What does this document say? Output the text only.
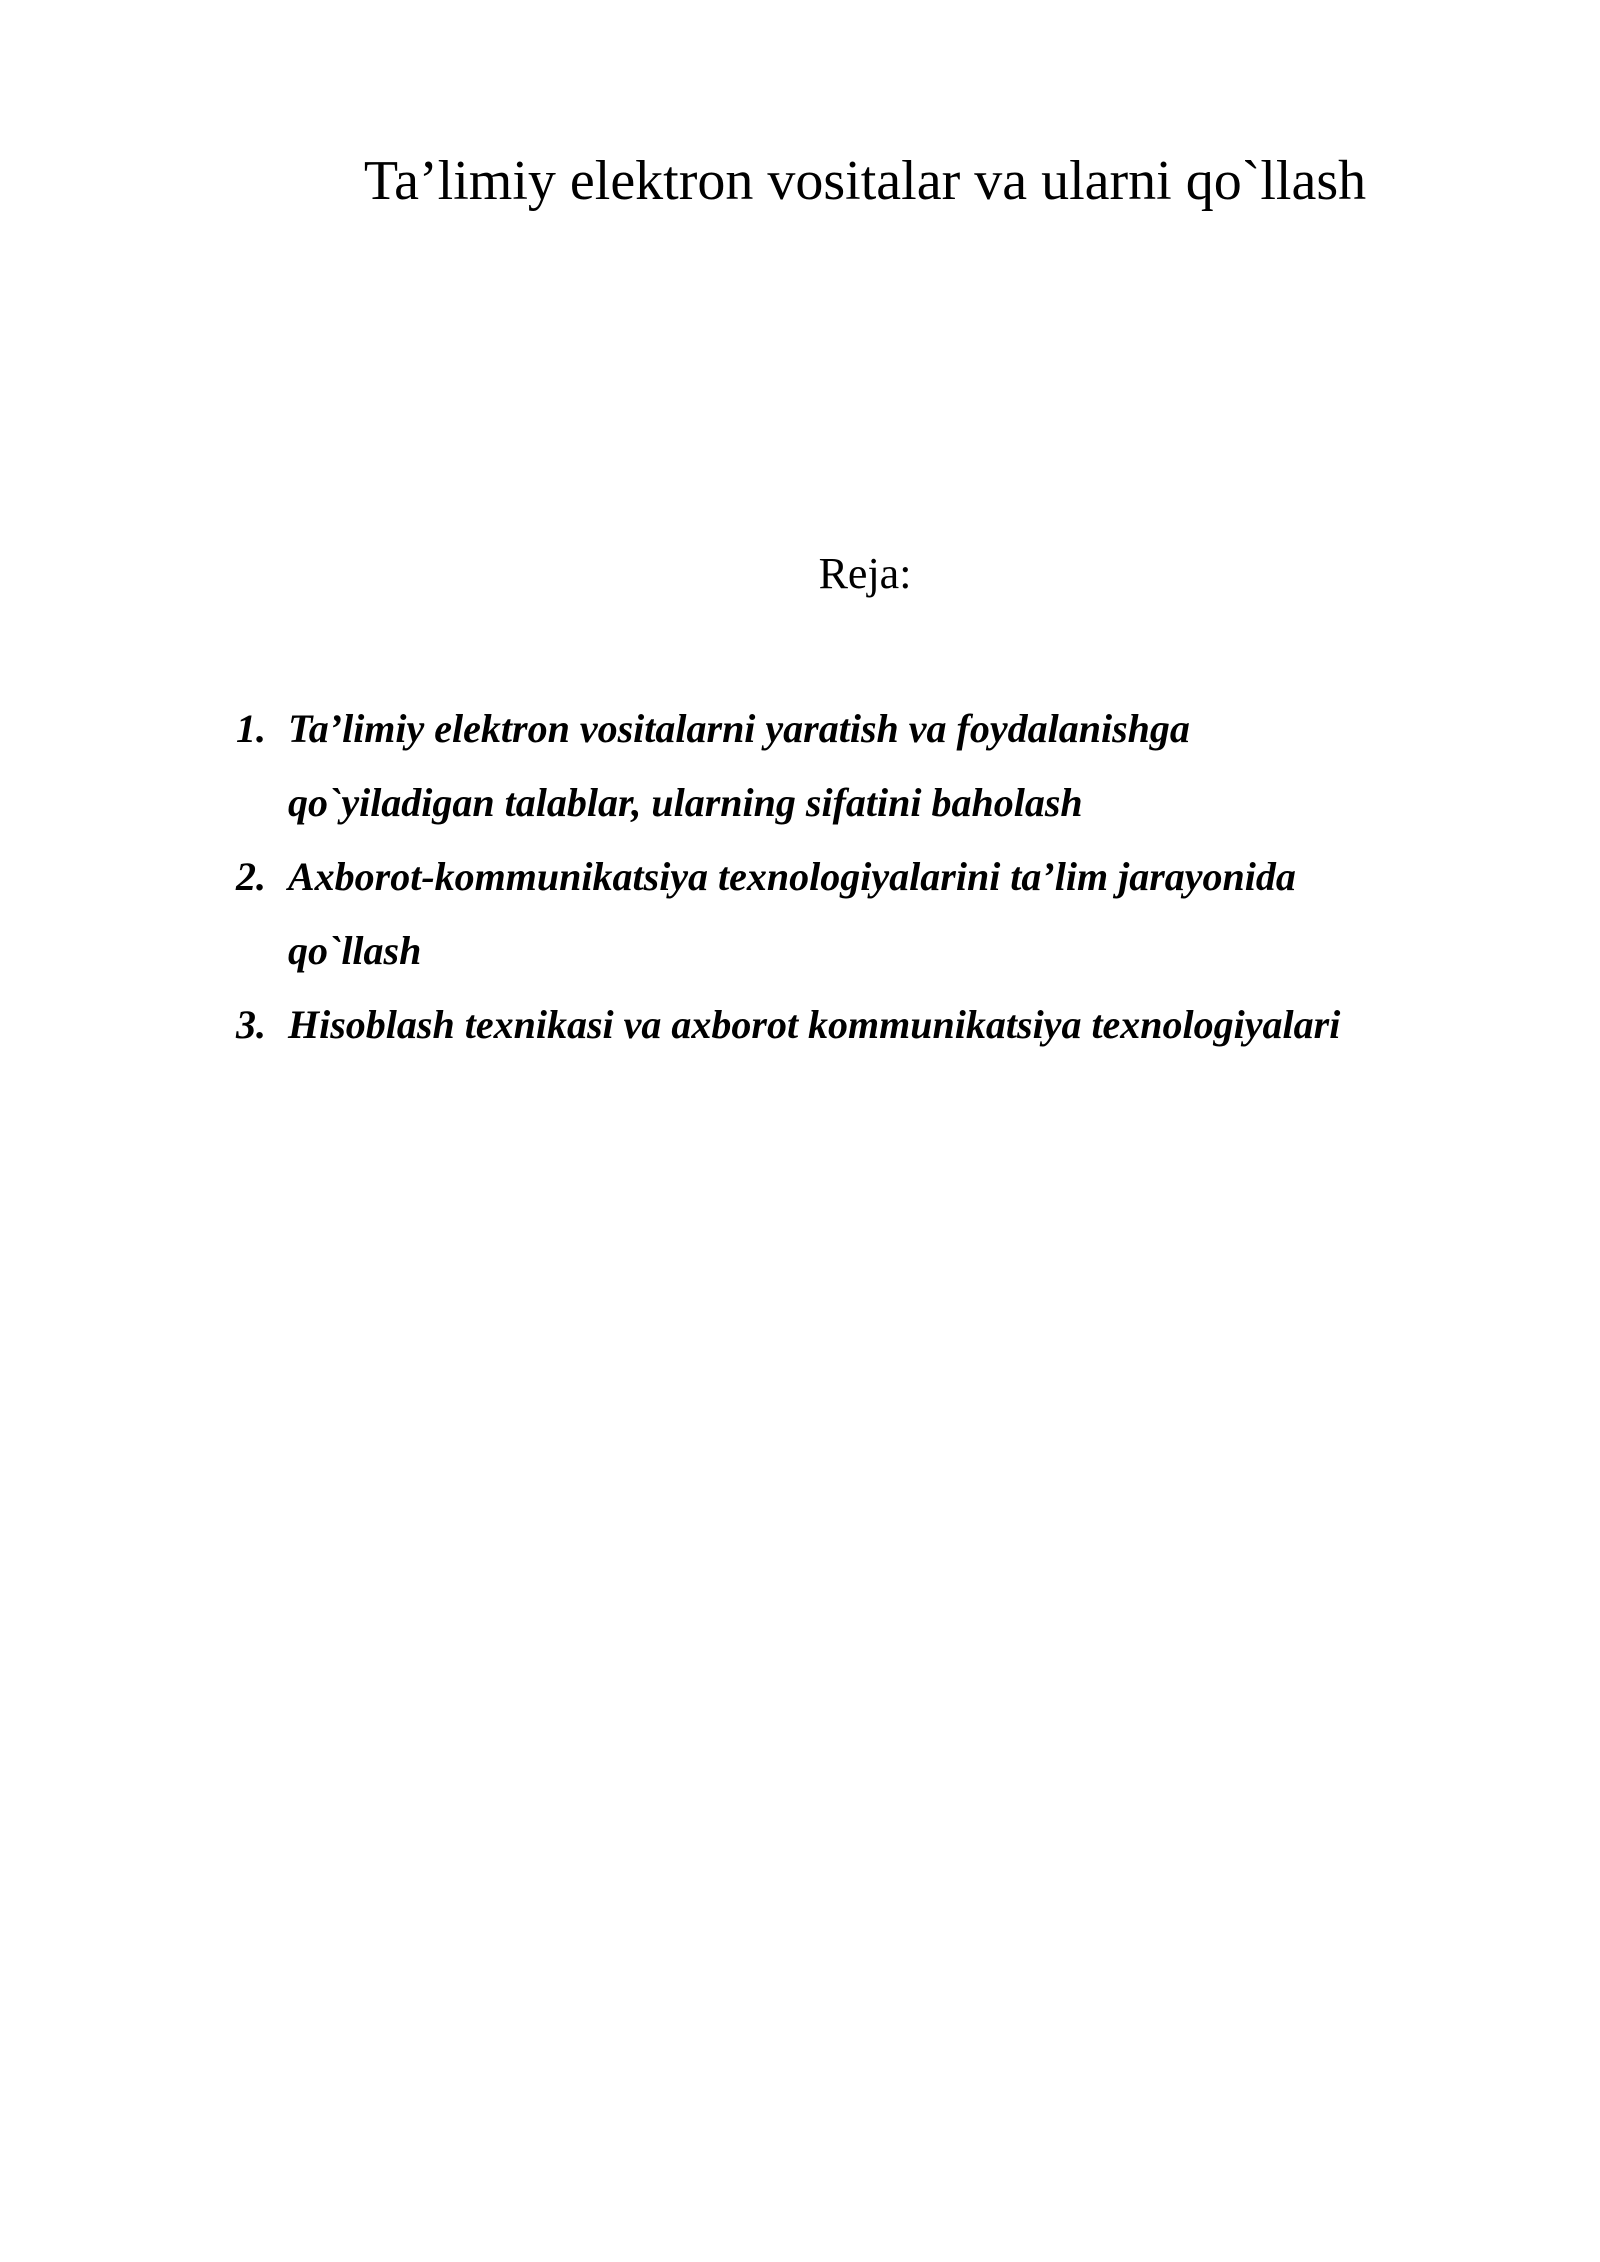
Ta’limiy elektron vositalar va ularni qo`llash
Reja:
1. Ta’limiy elektron vositalarni yaratish va foydalanishga
qo`yiladigan talablar, ularning sifatini baholash
2. Axborot-kommunikatsiya texnologiyalarini ta’lim jarayonida
qo`llash
3. Hisoblash texnikasi va axborot kommunikatsiya texnologiyalari
